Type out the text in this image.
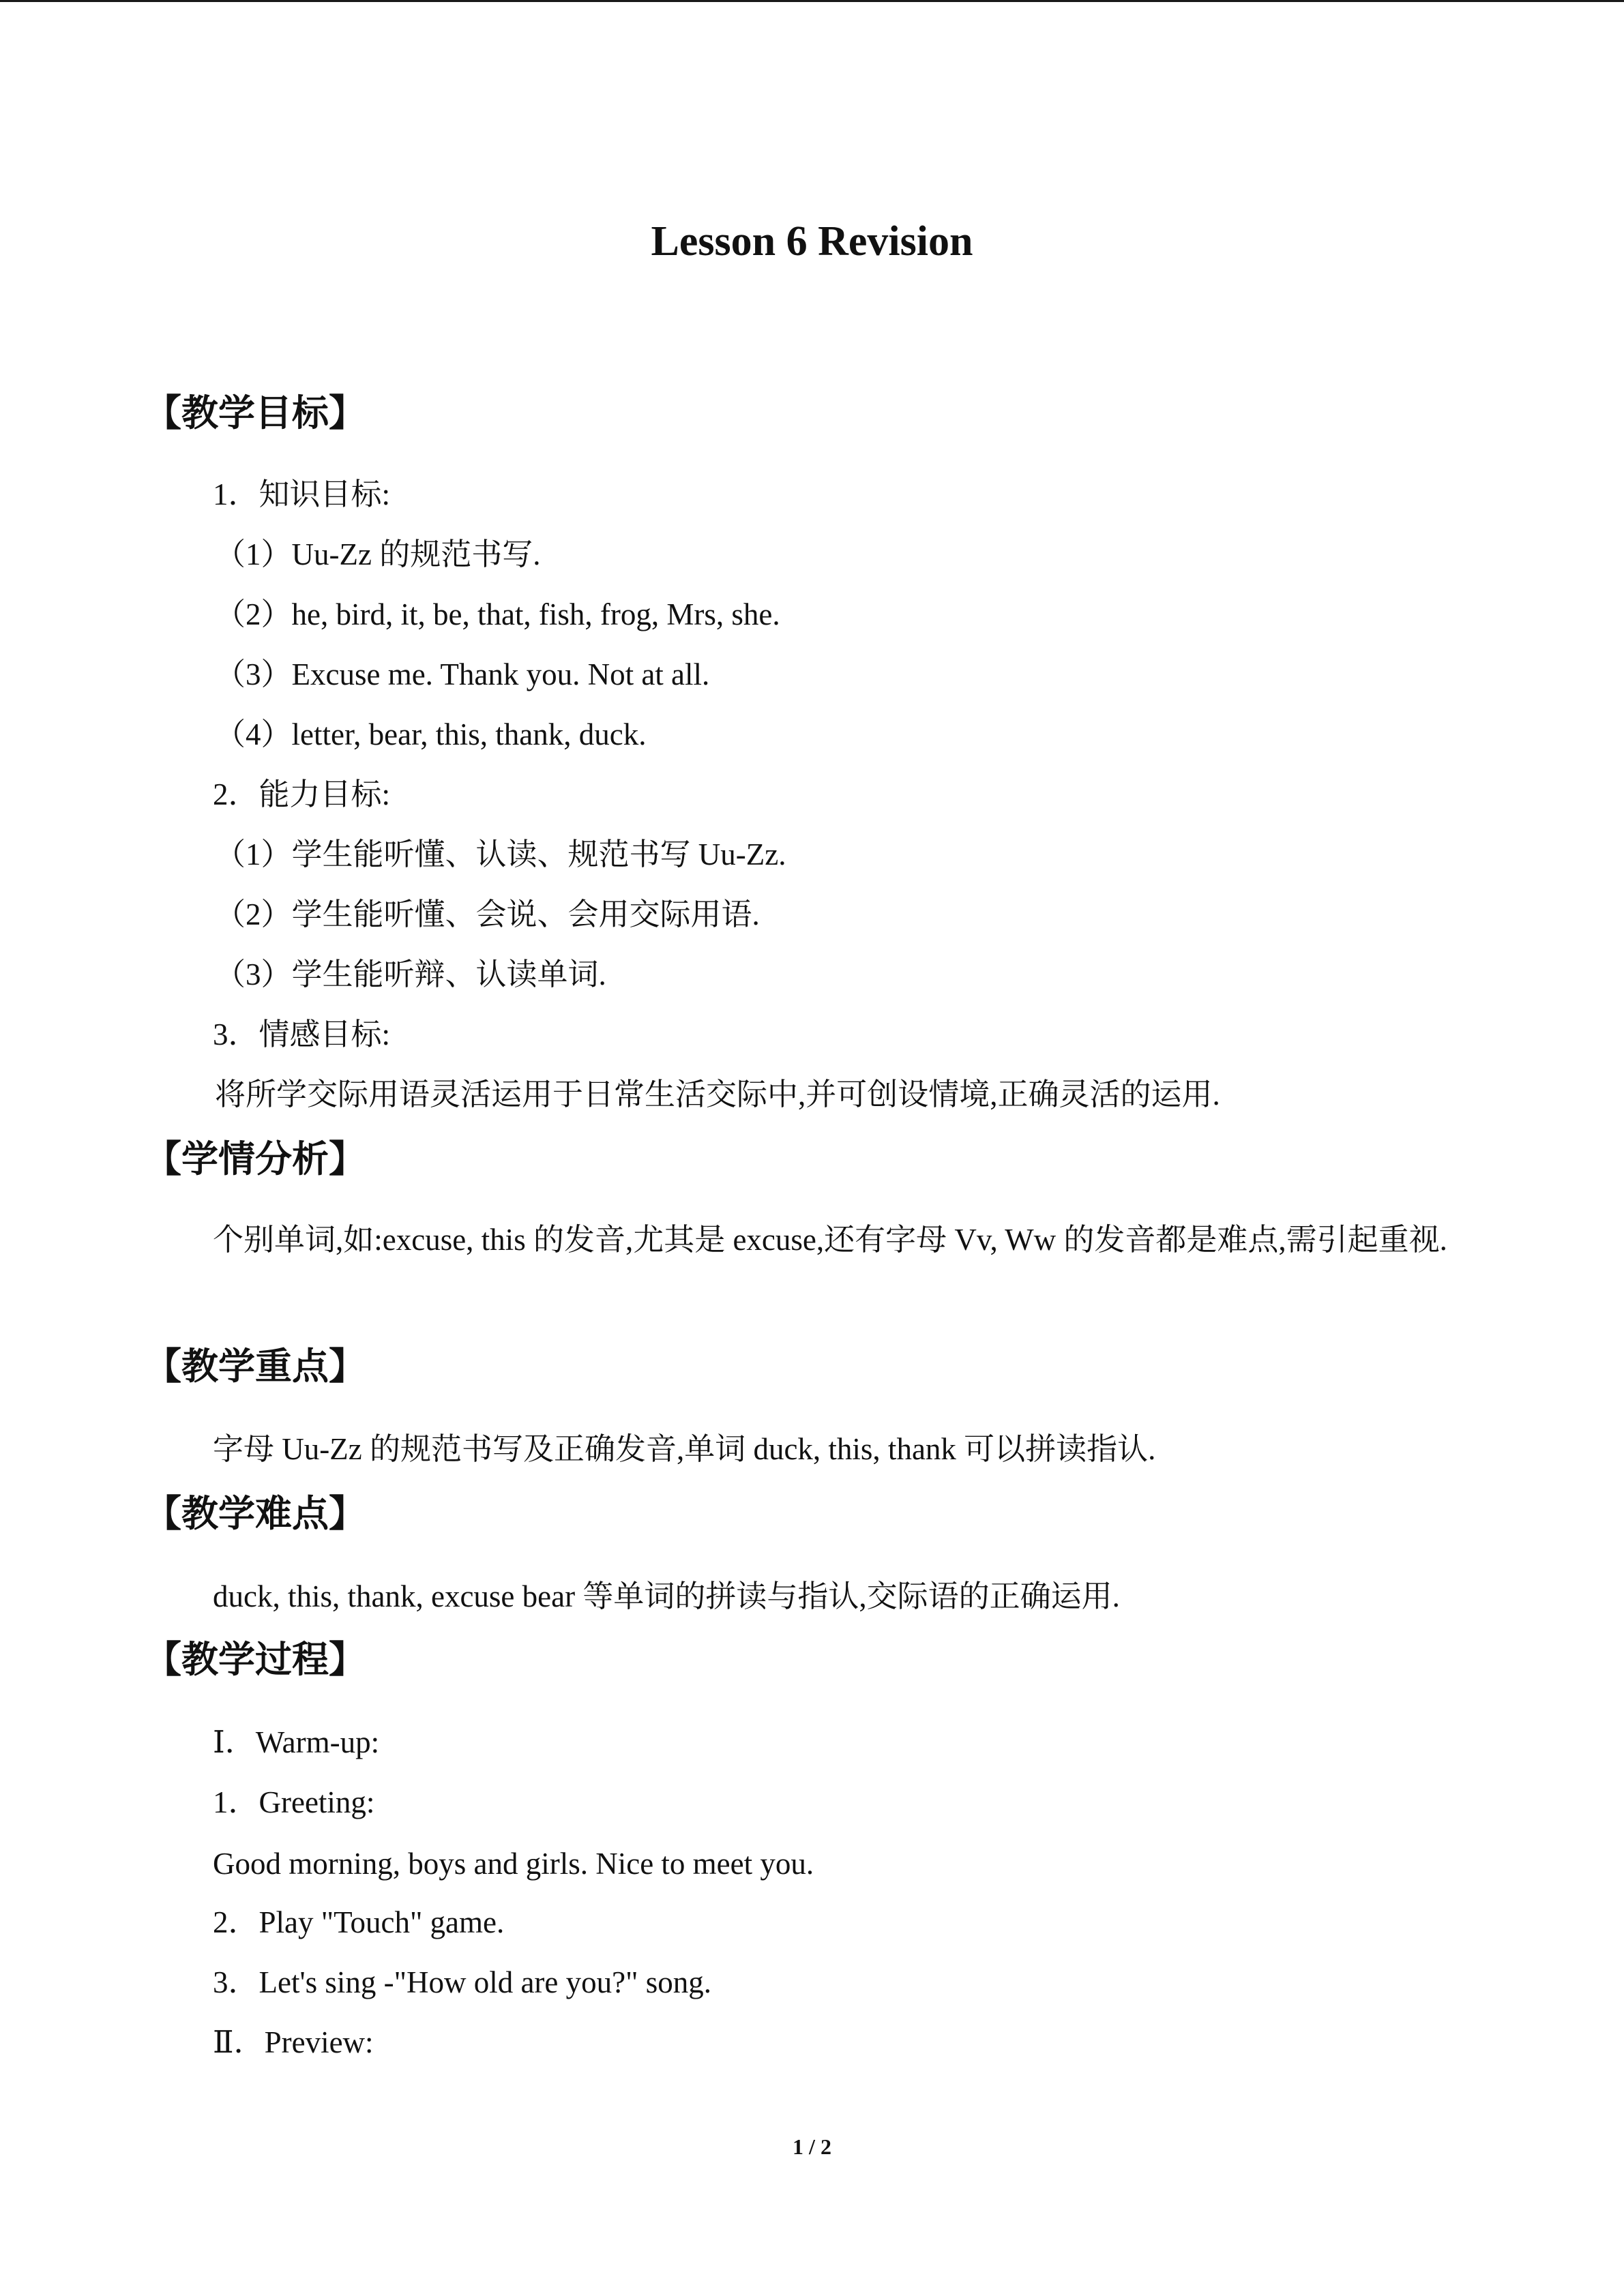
Lesson 6 Revision
【教学目标】
1．知识目标:
（1）Uu-Zz 的规范书写.
（2）he, bird, it, be, that, fish, frog, Mrs, she.
（3）Excuse me. Thank you. Not at all.
（4）letter, bear, this, thank, duck.
2．能力目标:
（1）学生能听懂、认读、规范书写 Uu-Zz.
（2）学生能听懂、会说、会用交际用语.
（3）学生能听辩、认读单词.
3．情感目标:
将所学交际用语灵活运用于日常生活交际中,并可创设情境,正确灵活的运用.
【学情分析】
个别单词,如:excuse, this 的发音,尤其是 excuse,还有字母 Vv, Ww 的发音都是难点,需引起重视.
【教学重点】
字母 Uu-Zz 的规范书写及正确发音,单词 duck, this, thank 可以拼读指认.
【教学难点】
duck, this, thank, excuse bear 等单词的拼读与指认,交际语的正确运用.
【教学过程】
Ⅰ．Warm-up:
1．Greeting:
Good morning, boys and girls. Nice to meet you.
2．Play "Touch" game.
3．Let's sing -"How old are you?" song.
Ⅱ．Preview:
1 / 2
